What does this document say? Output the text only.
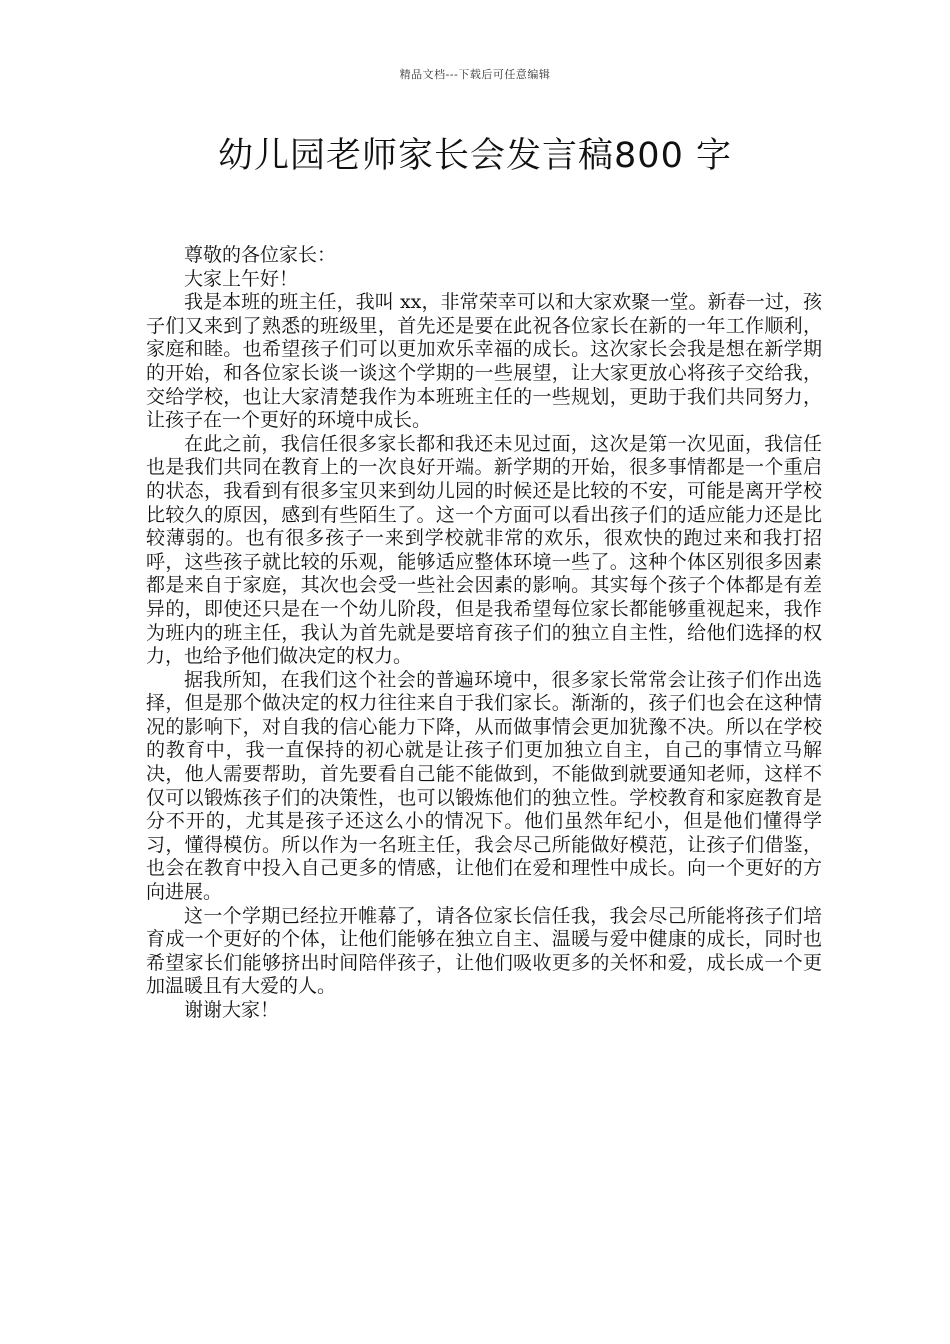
精品文档---下载后可任意编辑
幼儿园老师家长会发言稿800 字

尊敬的各位家长：

大家上午好！

我是本班的班主任，我叫 xx，非常荣幸可以和大家欢聚一堂。新春一过，孩子们又来到了熟悉的班级里，首先还是要在此祝各位家长在新的一年工作顺利，家庭和睦。也希望孩子们可以更加欢乐幸福的成长。这次家长会我是想在新学期的开始，和各位家长谈一谈这个学期的一些展望，让大家更放心将孩子交给我，交给学校，也让大家清楚我作为本班班主任的一些规划，更助于我们共同努力，让孩子在一个更好的环境中成长。

在此之前，我信任很多家长都和我还未见过面，这次是第一次见面，我信任也是我们共同在教育上的一次良好开端。新学期的开始，很多事情都是一个重启的状态，我看到有很多宝贝来到幼儿园的时候还是比较的不安，可能是离开学校比较久的原因，感到有些陌生了。这一个方面可以看出孩子们的适应能力还是比较薄弱的。也有很多孩子一来到学校就非常的欢乐，很欢快的跑过来和我打招呼，这些孩子就比较的乐观，能够适应整体环境一些了。这种个体区别很多因素都是来自于家庭，其次也会受一些社会因素的影响。其实每个孩子个体都是有差异的，即使还只是在一个幼儿阶段，但是我希望每位家长都能够重视起来，我作为班内的班主任，我认为首先就是要培育孩子们的独立自主性，给他们选择的权力，也给予他们做决定的权力。

据我所知，在我们这个社会的普遍环境中，很多家长常常会让孩子们作出选择，但是那个做决定的权力往往来自于我们家长。渐渐的，孩子们也会在这种情况的影响下，对自我的信心能力下降，从而做事情会更加犹豫不决。所以在学校的教育中，我一直保持的初心就是让孩子们更加独立自主，自己的事情立马解决，他人需要帮助，首先要看自己能不能做到，不能做到就要通知老师，这样不仅可以锻炼孩子们的决策性，也可以锻炼他们的独立性。学校教育和家庭教育是分不开的，尤其是孩子还这么小的情况下。他们虽然年纪小，但是他们懂得学习，懂得模仿。所以作为一名班主任，我会尽己所能做好模范，让孩子们借鉴，也会在教育中投入自己更多的情感，让他们在爱和理性中成长。向一个更好的方向进展。

这一个学期已经拉开帷幕了，请各位家长信任我，我会尽己所能将孩子们培育成一个更好的个体，让他们能够在独立自主、温暖与爱中健康的成长，同时也希望家长们能够挤出时间陪伴孩子，让他们吸收更多的关怀和爱，成长成一个更加温暖且有大爱的人。

谢谢大家！
